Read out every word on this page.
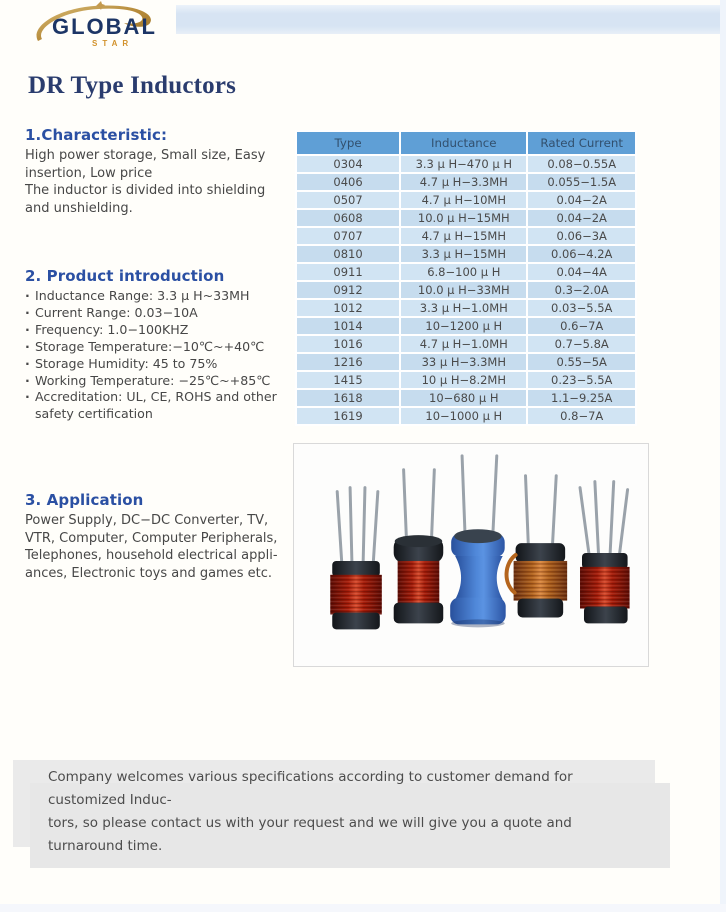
GLOBAL
STAR
DR Type Inductors
1.Characteristic:
High power storage, Small size, Easy
insertion, Low price
The inductor is divided into shielding
and unshielding.
2. Product introduction
· Inductance Range: 3.3 μ H~33MH
· Current Range: 0.03−10A
· Frequency: 1.0−100KHZ
· Storage Temperature:−10℃~+40℃
· Storage Humidity: 45 to 75%
· Working Temperature: −25℃~+85℃
· Accreditation: UL, CE, ROHS and other safety certification
3. Application
Power Supply, DC−DC Converter, TV,
VTR, Computer, Computer Peripherals,
Telephones, household electrical appli-
ances, Electronic toys and games etc.
Type	Inductance	Rated Current
0304	3.3 μ H−470 μ H	0.08−0.55A
0406	4.7 μ H−3.3MH	0.055−1.5A
0507	4.7 μ H−10MH	0.04−2A
0608	10.0 μ H−15MH	0.04−2A
0707	4.7 μ H−15MH	0.06−3A
0810	3.3 μ H−15MH	0.06−4.2A
0911	6.8−100 μ H	0.04−4A
0912	10.0 μ H−33MH	0.3−2.0A
1012	3.3 μ H−1.0MH	0.03−5.5A
1014	10−1200 μ H	0.6−7A
1016	4.7 μ H−1.0MH	0.7−5.8A
1216	33 μ H−3.3MH	0.55−5A
1415	10 μ H−8.2MH	0.23−5.5A
1618	10−680 μ H	1.1−9.25A
1619	10−1000 μ H	0.8−7A
Company welcomes various specifications according to customer demand for customized Induc-
tors, so please contact us with your request and we will give you a quote and turnaround time.
